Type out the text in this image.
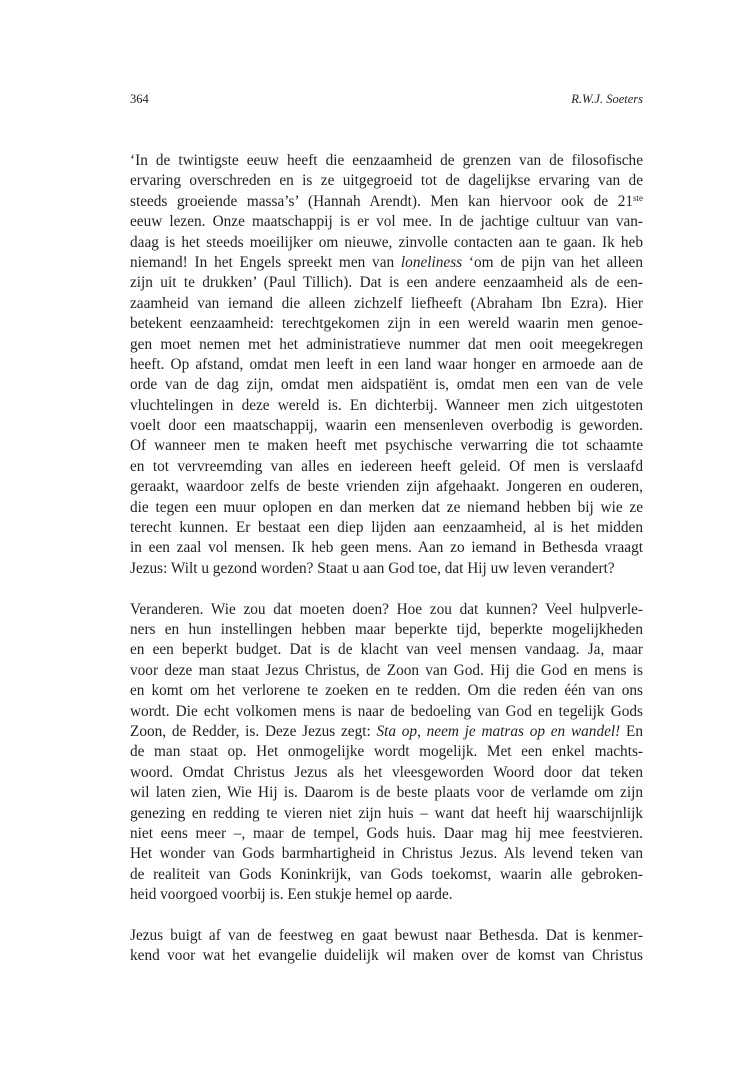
364	R.W.J. Soeters
‘In de twintigste eeuw heeft die eenzaamheid de grenzen van de filosofische
ervaring overschreden en is ze uitgegroeid tot de dagelijkse ervaring van de
steeds groeiende massa’s’ (Hannah Arendt). Men kan hiervoor ook de 21ste
eeuw lezen. Onze maatschappij is er vol mee. In de jachtige cultuur van van-
daag is het steeds moeilijker om nieuwe, zinvolle contacten aan te gaan. Ik heb
niemand! In het Engels spreekt men van loneliness ‘om de pijn van het alleen
zijn uit te drukken’ (Paul Tillich). Dat is een andere eenzaamheid als de een-
zaamheid van iemand die alleen zichzelf liefheeft (Abraham Ibn Ezra). Hier
betekent eenzaamheid: terechtgekomen zijn in een wereld waarin men genoe-
gen moet nemen met het administratieve nummer dat men ooit meegekregen
heeft. Op afstand, omdat men leeft in een land waar honger en armoede aan de
orde van de dag zijn, omdat men aidspatiënt is, omdat men een van de vele
vluchtelingen in deze wereld is. En dichterbij. Wanneer men zich uitgestoten
voelt door een maatschappij, waarin een mensenleven overbodig is geworden.
Of wanneer men te maken heeft met psychische verwarring die tot schaamte
en tot vervreemding van alles en iedereen heeft geleid. Of men is verslaafd
geraakt, waardoor zelfs de beste vrienden zijn afgehaakt. Jongeren en ouderen,
die tegen een muur oplopen en dan merken dat ze niemand hebben bij wie ze
terecht kunnen. Er bestaat een diep lijden aan eenzaamheid, al is het midden
in een zaal vol mensen. Ik heb geen mens. Aan zo iemand in Bethesda vraagt
Jezus: Wilt u gezond worden? Staat u aan God toe, dat Hij uw leven verandert?
Veranderen. Wie zou dat moeten doen? Hoe zou dat kunnen? Veel hulpverle-
ners en hun instellingen hebben maar beperkte tijd, beperkte mogelijkheden
en een beperkt budget. Dat is de klacht van veel mensen vandaag. Ja, maar
voor deze man staat Jezus Christus, de Zoon van God. Hij die God en mens is
en komt om het verlorene te zoeken en te redden. Om die reden één van ons
wordt. Die echt volkomen mens is naar de bedoeling van God en tegelijk Gods
Zoon, de Redder, is. Deze Jezus zegt: Sta op, neem je matras op en wandel! En
de man staat op. Het onmogelijke wordt mogelijk. Met een enkel machts-
woord. Omdat Christus Jezus als het vleesgeworden Woord door dat teken
wil laten zien, Wie Hij is. Daarom is de beste plaats voor de verlamde om zijn
genezing en redding te vieren niet zijn huis – want dat heeft hij waarschijnlijk
niet eens meer –, maar de tempel, Gods huis. Daar mag hij mee feestvieren.
Het wonder van Gods barmhartigheid in Christus Jezus. Als levend teken van
de realiteit van Gods Koninkrijk, van Gods toekomst, waarin alle gebroken-
heid voorgoed voorbij is. Een stukje hemel op aarde.
Jezus buigt af van de feestweg en gaat bewust naar Bethesda. Dat is kenmer-
kend voor wat het evangelie duidelijk wil maken over de komst van Christus
